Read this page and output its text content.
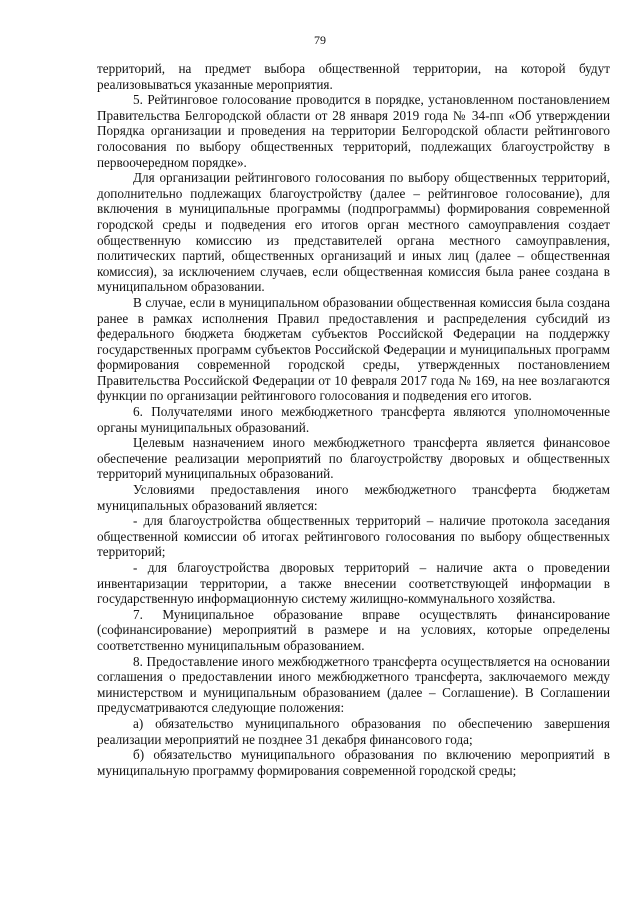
79

территорий, на предмет выбора общественной территории, на которой будут реализовываться указанные мероприятия.

5. Рейтинговое голосование проводится в порядке, установленном постановлением Правительства Белгородской области от 28 января 2019 года № 34-пп «Об утверждении Порядка организации и проведения на территории Белгородской области рейтингового голосования по выбору общественных территорий, подлежащих благоустройству в первоочередном порядке».

Для организации рейтингового голосования по выбору общественных территорий, дополнительно подлежащих благоустройству (далее – рейтинговое голосование), для включения в муниципальные программы (подпрограммы) формирования современной городской среды и подведения его итогов орган местного самоуправления создает общественную комиссию из представителей органа местного самоуправления, политических партий, общественных организаций и иных лиц (далее – общественная комиссия), за исключением случаев, если общественная комиссия была ранее создана в муниципальном образовании.

В случае, если в муниципальном образовании общественная комиссия была создана ранее в рамках исполнения Правил предоставления и распределения субсидий из федерального бюджета бюджетам субъектов Российской Федерации на поддержку государственных программ субъектов Российской Федерации и муниципальных программ формирования современной городской среды, утвержденных постановлением Правительства Российской Федерации от 10 февраля 2017 года № 169, на нее возлагаются функции по организации рейтингового голосования и подведения его итогов.

6. Получателями иного межбюджетного трансферта являются уполномоченные органы муниципальных образований.

Целевым назначением иного межбюджетного трансферта является финансовое обеспечение реализации мероприятий по благоустройству дворовых и общественных территорий муниципальных образований.

Условиями предоставления иного межбюджетного трансферта бюджетам муниципальных образований является:

- для благоустройства общественных территорий – наличие протокола заседания общественной комиссии об итогах рейтингового голосования по выбору общественных территорий;

- для благоустройства дворовых территорий – наличие акта о проведении инвентаризации территории, а также внесении соответствующей информации в государственную информационную систему жилищно-коммунального хозяйства.

7. Муниципальное образование вправе осуществлять финансирование (софинансирование) мероприятий в размере и на условиях, которые определены соответственно муниципальным образованием.

8. Предоставление иного межбюджетного трансферта осуществляется на основании соглашения о предоставлении иного межбюджетного трансферта, заключаемого между министерством и муниципальным образованием (далее – Соглашение). В Соглашении предусматриваются следующие положения:

а) обязательство муниципального образования по обеспечению завершения реализации мероприятий не позднее 31 декабря финансового года;

б) обязательство муниципального образования по включению мероприятий в муниципальную программу формирования современной городской среды;
